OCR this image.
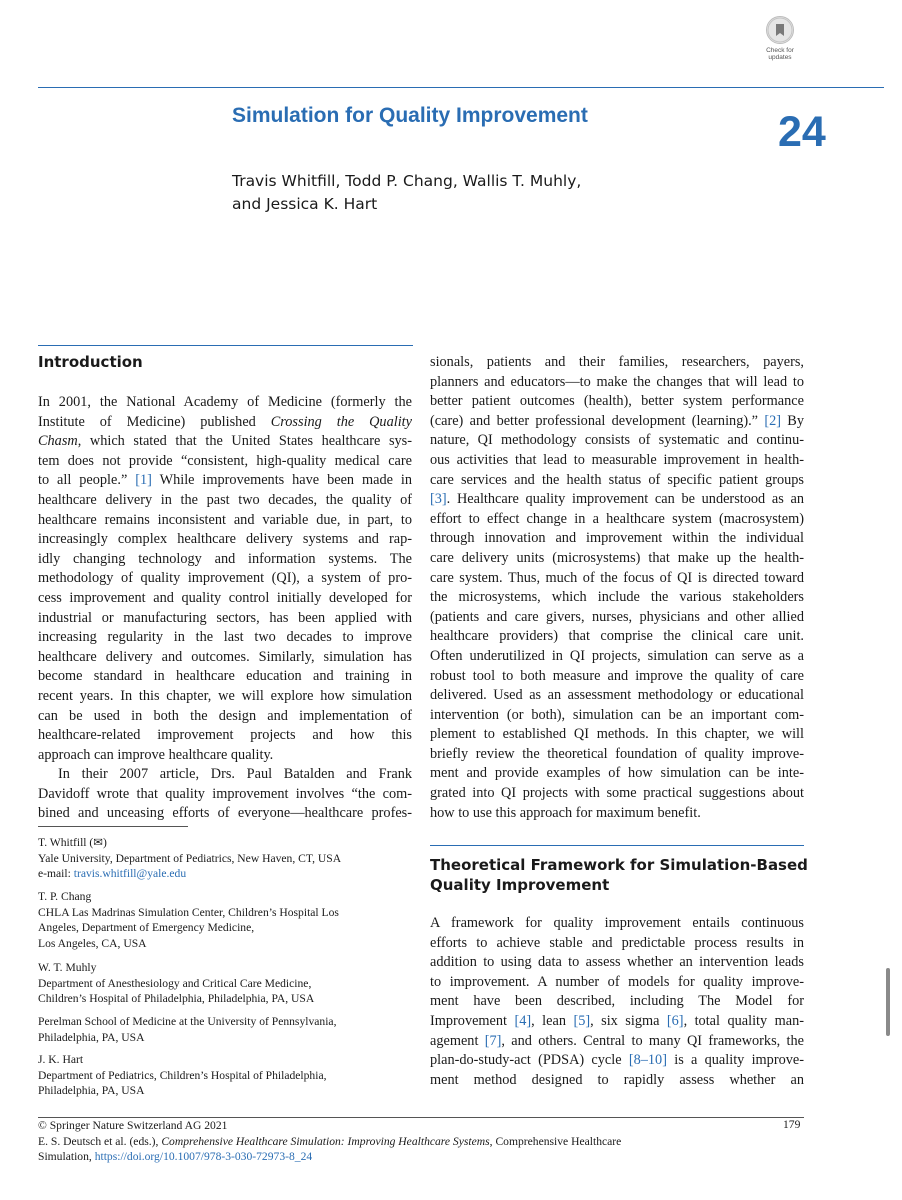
Check for
updates
Simulation for Quality Improvement	24
Travis Whitfill, Todd P. Chang, Wallis T. Muhly,
and Jessica K. Hart
Introduction
In 2001, the National Academy of Medicine (formerly the
Institute of Medicine) published Crossing the Quality
Chasm, which stated that the United States healthcare sys-
tem does not provide “consistent, high-quality medical care
to all people.” [1] While improvements have been made in
healthcare delivery in the past two decades, the quality of
healthcare remains inconsistent and variable due, in part, to
increasingly complex healthcare delivery systems and rap-
idly changing technology and information systems. The
methodology of quality improvement (QI), a system of pro-
cess improvement and quality control initially developed for
industrial or manufacturing sectors, has been applied with
increasing regularity in the last two decades to improve
healthcare delivery and outcomes. Similarly, simulation has
become standard in healthcare education and training in
recent years. In this chapter, we will explore how simulation
can be used in both the design and implementation of
healthcare-related improvement projects and how this
approach can improve healthcare quality.
In their 2007 article, Drs. Paul Batalden and Frank
Davidoff wrote that quality improvement involves “the com-
bined and unceasing efforts of everyone—healthcare profes-
sionals, patients and their families, researchers, payers,
planners and educators—to make the changes that will lead to
better patient outcomes (health), better system performance
(care) and better professional development (learning).” [2] By
nature, QI methodology consists of systematic and continu-
ous activities that lead to measurable improvement in health-
care services and the health status of specific patient groups
[3]. Healthcare quality improvement can be understood as an
effort to effect change in a healthcare system (macrosystem)
through innovation and improvement within the individual
care delivery units (microsystems) that make up the health-
care system. Thus, much of the focus of QI is directed toward
the microsystems, which include the various stakeholders
(patients and care givers, nurses, physicians and other allied
healthcare providers) that comprise the clinical care unit.
Often underutilized in QI projects, simulation can serve as a
robust tool to both measure and improve the quality of care
delivered. Used as an assessment methodology or educational
intervention (or both), simulation can be an important com-
plement to established QI methods. In this chapter, we will
briefly review the theoretical foundation of quality improve-
ment and provide examples of how simulation can be inte-
grated into QI projects with some practical suggestions about
how to use this approach for maximum benefit.
Theoretical Framework for Simulation-Based
Quality Improvement
A framework for quality improvement entails continuous
efforts to achieve stable and predictable process results in
addition to using data to assess whether an intervention leads
to improvement. A number of models for quality improve-
ment have been described, including The Model for
Improvement [4], lean [5], six sigma [6], total quality man-
agement [7], and others. Central to many QI frameworks, the
plan-do-study-act (PDSA) cycle [8–10] is a quality improve-
ment method designed to rapidly assess whether an
T. Whitfill (✉)
Yale University, Department of Pediatrics, New Haven, CT, USA
e-mail: travis.whitfill@yale.edu
T. P. Chang
CHLA Las Madrinas Simulation Center, Children’s Hospital Los
Angeles, Department of Emergency Medicine,
Los Angeles, CA, USA
W. T. Muhly
Department of Anesthesiology and Critical Care Medicine,
Children’s Hospital of Philadelphia, Philadelphia, PA, USA
Perelman School of Medicine at the University of Pennsylvania,
Philadelphia, PA, USA
J. K. Hart
Department of Pediatrics, Children’s Hospital of Philadelphia,
Philadelphia, PA, USA
© Springer Nature Switzerland AG 2021
E. S. Deutsch et al. (eds.), Comprehensive Healthcare Simulation: Improving Healthcare Systems, Comprehensive Healthcare
Simulation, https://doi.org/10.1007/978-3-030-72973-8_24
179
